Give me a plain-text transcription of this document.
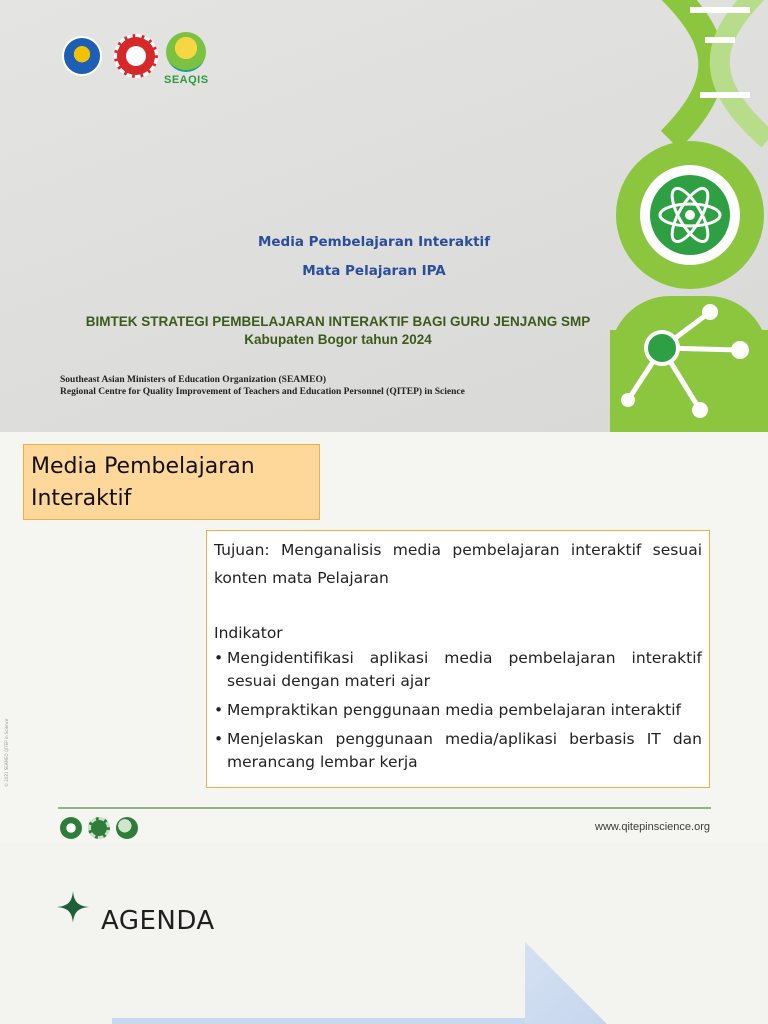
SEAQIS
Media Pembelajaran Interaktif
Mata Pelajaran IPA
BIMTEK STRATEGI PEMBELAJARAN INTERAKTIF BAGI GURU JENJANG SMP
Kabupaten Bogor tahun 2024
Southeast Asian Ministers of Education Organization (SEAMEO)
Regional Centre for Quality Improvement of Teachers and Education Personnel (QITEP) in Science
Media Pembelajaran Interaktif

Tujuan: Menganalisis media pembelajaran interaktif sesuai konten mata Pelajaran

Indikator

• Mengidentifikasi aplikasi media pembelajaran interaktif sesuai dengan materi ajar
• Mempraktikan penggunaan media pembelajaran interaktif
• Menjelaskan penggunaan media/aplikasi berbasis IT dan merancang lembar kerja
© 2021 SEAMEO QITEP in Science
www.qitepinscience.org
AGENDA
